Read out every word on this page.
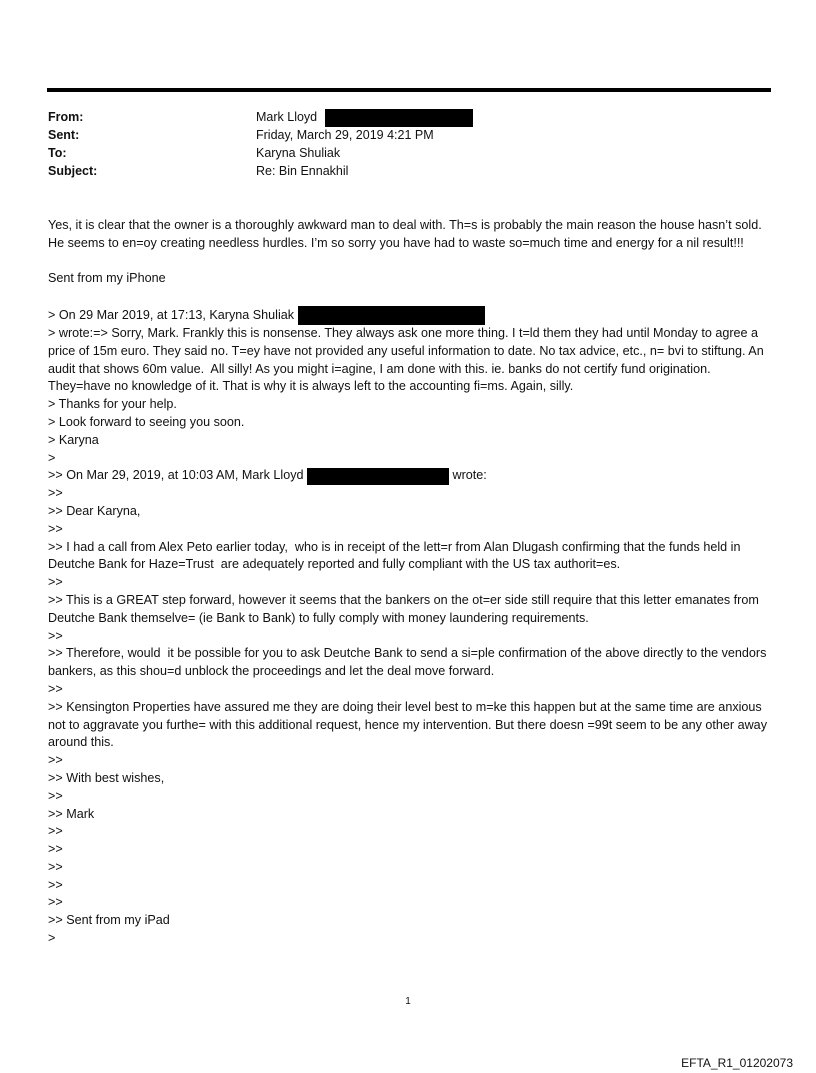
From:	Mark Lloyd
Sent:	Friday, March 29, 2019 4:21 PM
To:	Karyna Shuliak
Subject:	Re: Bin Ennakhil

Yes, it is clear that the owner is a thoroughly awkward man to deal with. Th=s is probably the main reason the house hasn’t sold. He seems to en=oy creating needless hurdles. I’m so sorry you have had to waste so=much time and energy for a nil result!!!

Sent from my iPhone

> On 29 Mar 2019, at 17:13, Karyna Shuliak

> wrote:=> Sorry, Mark. Frankly this is nonsense. They always ask one more thing. I t=ld them they had until Monday to agree a price of 15m euro. They said no. T=ey have not provided any useful information to date. No tax advice, etc., n= bvi to stiftung. An audit that shows 60m value.  All silly! As you might i=agine, I am done with this. ie. banks do not certify fund origination. They=have no knowledge of it. That is why it is always left to the accounting fi=ms. Again, silly.

> Thanks for your help.

> Look forward to seeing you soon.

> Karyna

>

>> On Mar 29, 2019, at 10:03 AM, Mark Lloyd	wrote:

>>

>> Dear Karyna,

>>

>> I had a call from Alex Peto earlier today,  who is in receipt of the lett=r from Alan Dlugash confirming that the funds held in Deutche Bank for Haze=Trust  are adequately reported and fully compliant with the US tax authorit=es.

>>

>> This is a GREAT step forward, however it seems that the bankers on the ot=er side still require that this letter emanates from Deutche Bank themselve= (ie Bank to Bank) to fully comply with money laundering requirements.

>>

>> Therefore, would  it be possible for you to ask Deutche Bank to send a si=ple confirmation of the above directly to the vendors bankers, as this shou=d unblock the proceedings and let the deal move forward.

>>

>> Kensington Properties have assured me they are doing their level best to m=ke this happen but at the same time are anxious not to aggravate you furthe= with this additional request, hence my intervention. But there doesn =99t seem to be any other away around this.

>>

>> With best wishes,

>>

>> Mark

>>

>>

>>

>>

>>

>> Sent from my iPad

>

1
EFTA_R1_01202073
